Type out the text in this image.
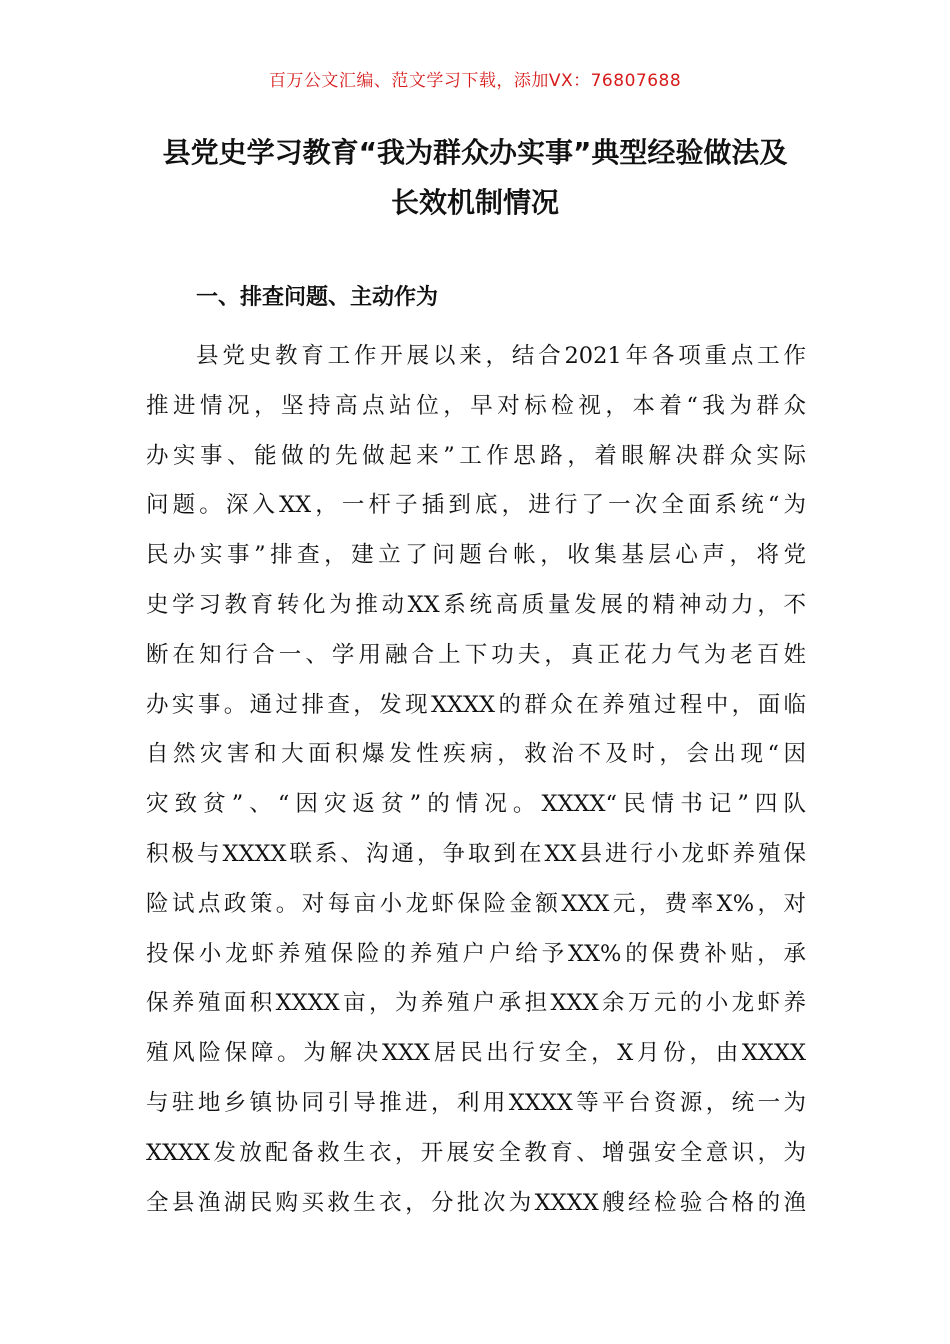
百万公文汇编、范文学习下载，添加VX：76807688
县党史学习教育“我为群众办实事”典型经验做法及
长效机制情况
一、排查问题、主动作为
县党史教育工作开展以来，结合2021年各项重点工作
推进情况，坚持高点站位，早对标检视，本着“我为群众
办实事、能做的先做起来”工作思路，着眼解决群众实际
问题。深入XX，一杆子插到底，进行了一次全面系统“为
民办实事”排查，建立了问题台帐，收集基层心声，将党
史学习教育转化为推动XX系统高质量发展的精神动力，不
断在知行合一、学用融合上下功夫，真正花力气为老百姓
办实事。通过排查，发现XXXX的群众在养殖过程中，面临
自然灾害和大面积爆发性疾病，救治不及时，会出现“因
灾致贫”、“因灾返贫”的情况。XXXX“民情书记”四队
积极与XXXX联系、沟通，争取到在XX县进行小龙虾养殖保
险试点政策。对每亩小龙虾保险金额XXX元，费率X%，对
投保小龙虾养殖保险的养殖户户给予XX%的保费补贴，承
保养殖面积XXXX亩，为养殖户承担XXX余万元的小龙虾养
殖风险保障。为解决XXX居民出行安全，X月份，由XXXX
与驻地乡镇协同引导推进，利用XXXX等平台资源，统一为
XXXX发放配备救生衣，开展安全教育、增强安全意识，为
全县渔湖民购买救生衣，分批次为XXXX艘经检验合格的渔
